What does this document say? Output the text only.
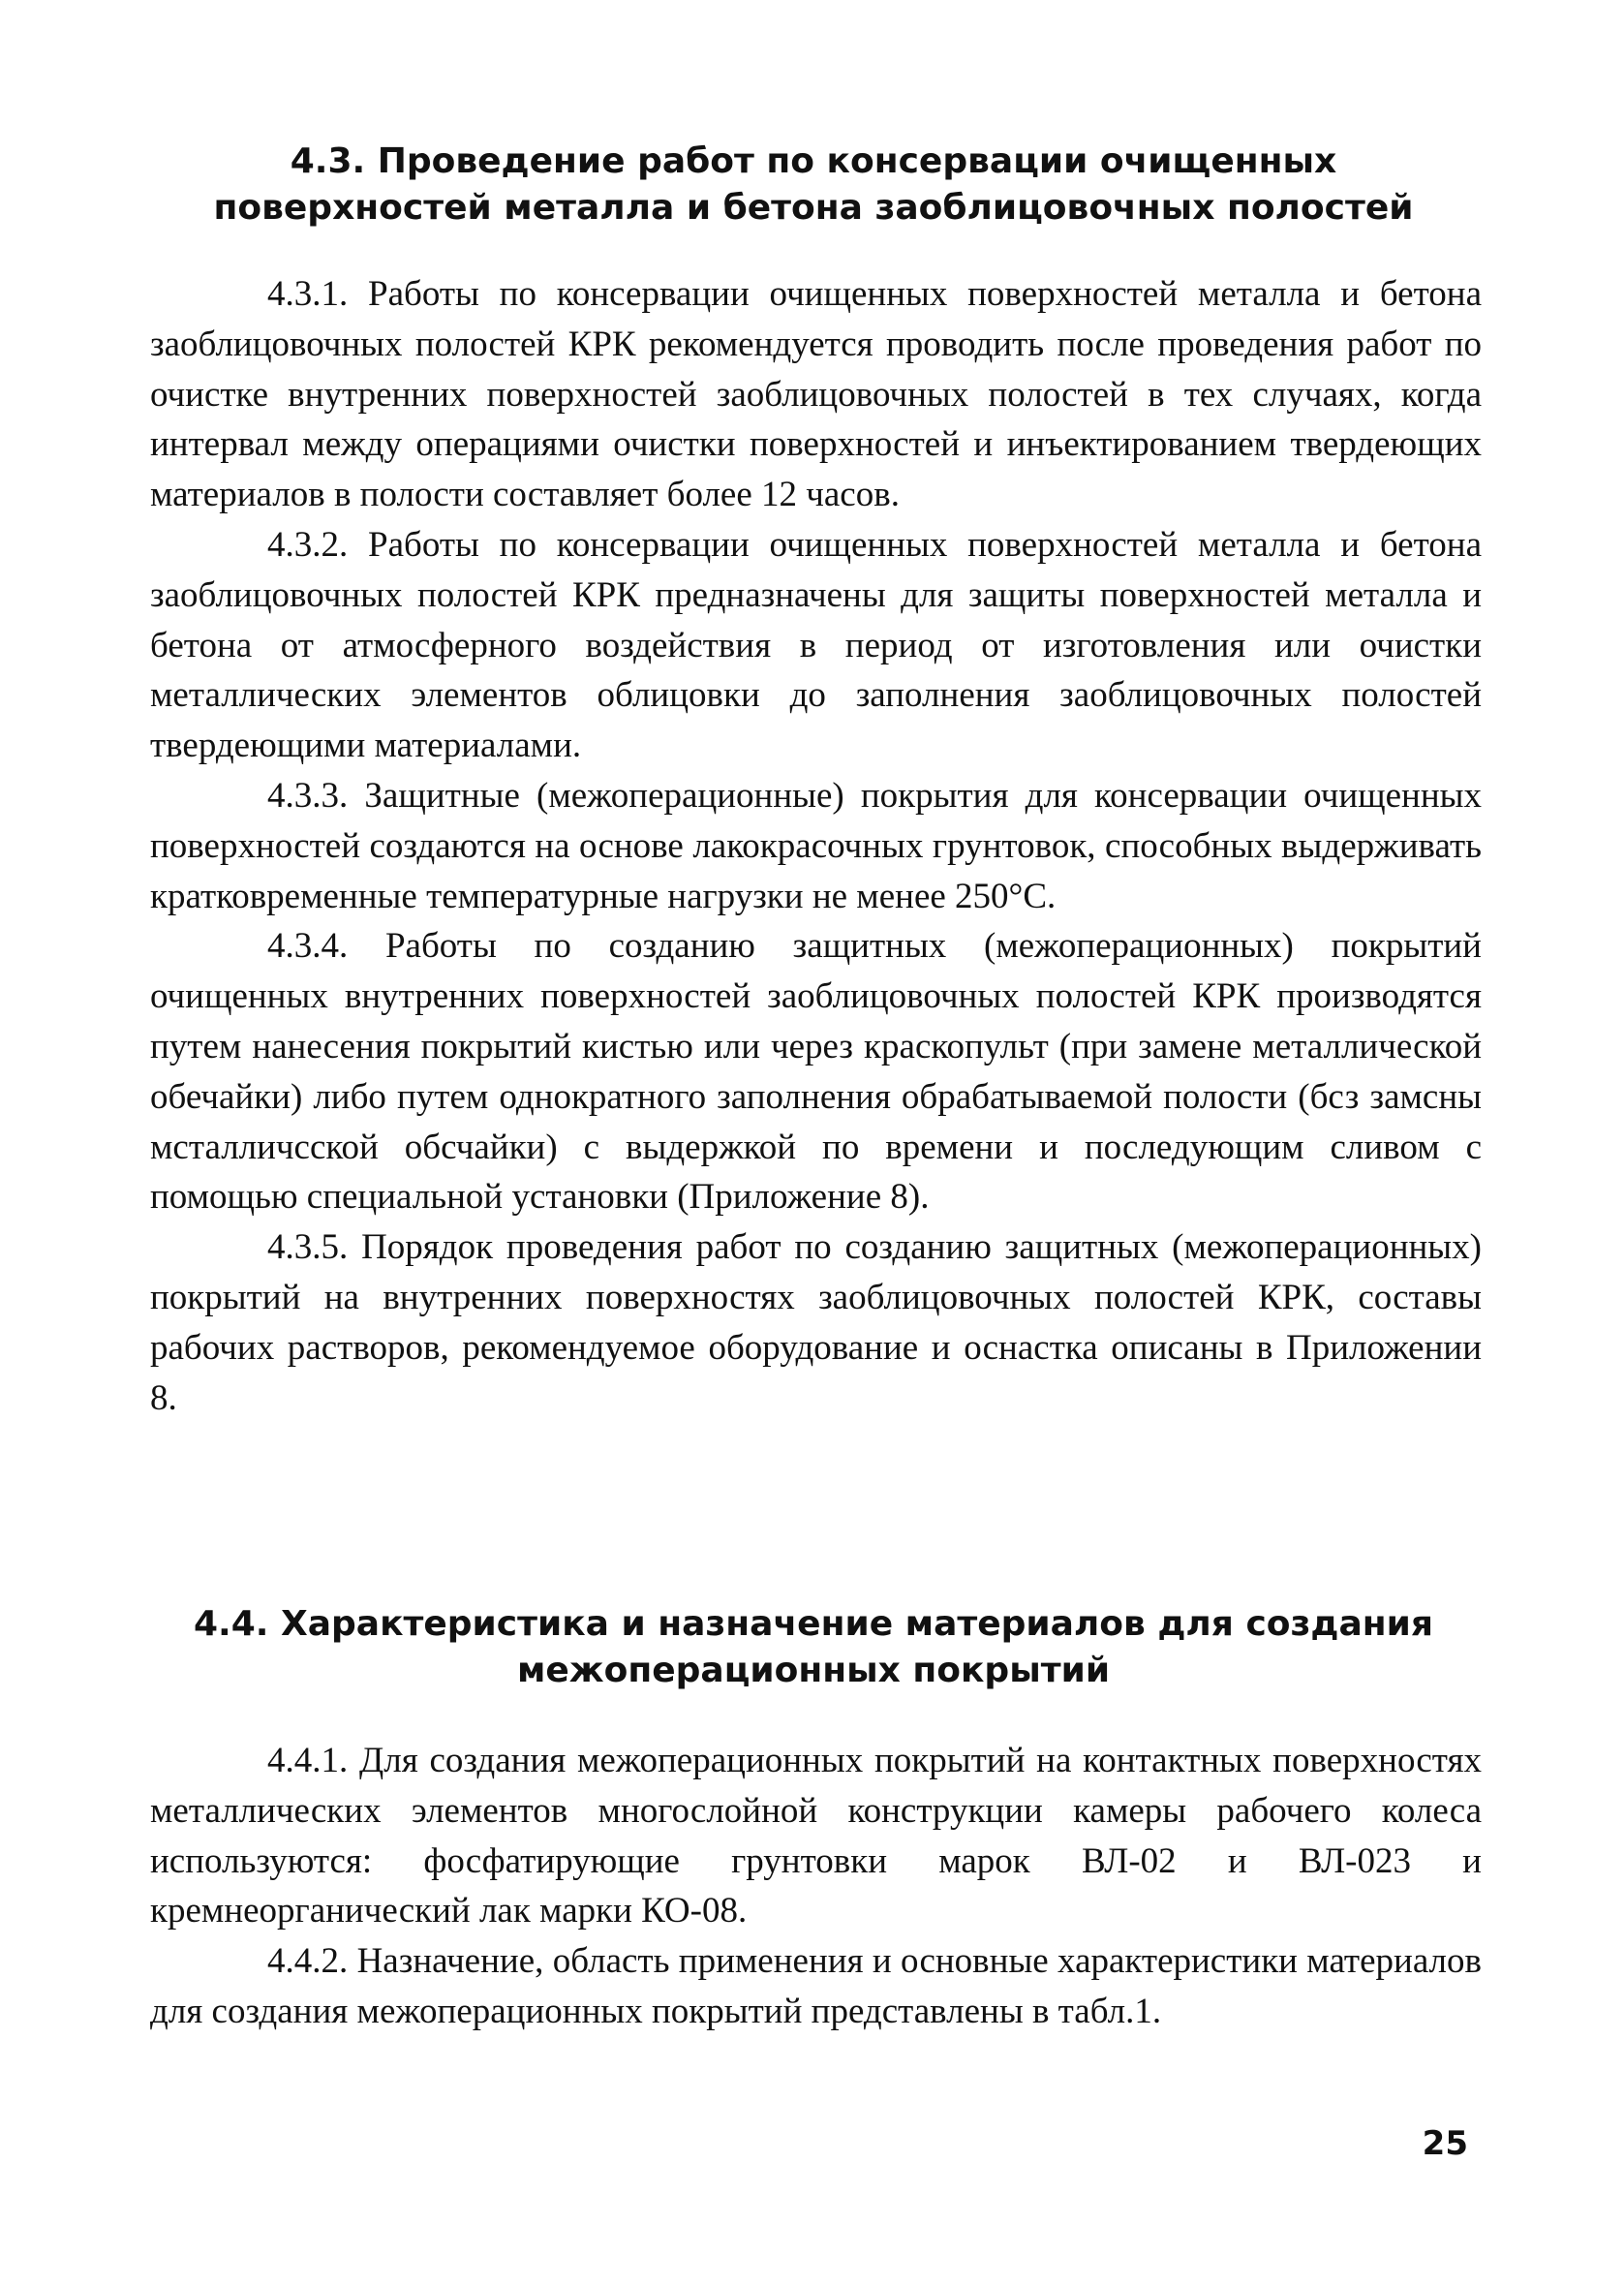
4.3. Проведение работ по консервации очищенных
поверхностей металла и бетона заоблицовочных полостей

4.3.1. Работы по консервации очищенных поверхностей металла и бетона заоблицовочных полостей КРК рекомендуется проводить после проведения работ по очистке внутренних поверхностей заоблицовочных полостей в тех случаях, когда интервал между операциями очистки поверхностей и инъектированием твердеющих материалов в полости составляет более 12 часов.

4.3.2. Работы по консервации очищенных поверхностей металла и бетона заоблицовочных полостей КРК предназначены для защиты поверхностей металла и бетона от атмосферного воздействия в период от изготовления или очистки металлических элементов облицовки до заполнения заоблицовочных полостей твердеющими материалами.

4.3.3. Защитные (межоперационные) покрытия для консервации очищенных поверхностей создаются на основе лакокрасочных грунтовок, способных выдерживать кратковременные температурные нагрузки не менее 250°С.

4.3.4. Работы по созданию защитных (межоперационных) покрытий очищенных внутренних поверхностей заоблицовочных полостей КРК производятся путем нанесения покрытий кистью или через краскопульт (при замене металлической обечайки) либо путем однократного заполнения обрабатываемой полости (бсз замсны мсталличсской обсчайки) с выдержкой по времени и последующим сливом с помощью специальной установки (Приложение 8).

4.3.5. Порядок проведения работ по созданию защитных (межоперационных) покрытий на внутренних поверхностях заоблицовочных полостей КРК, составы рабочих растворов, рекомендуемое оборудование и оснастка описаны в Приложении 8.

4.4. Характеристика и назначение материалов для создания
межоперационных покрытий

4.4.1. Для создания межоперационных покрытий на контактных поверхностях металлических элементов многослойной конструкции камеры рабочего колеса используются: фосфатирующие грунтовки марок ВЛ-02 и ВЛ-023 и кремнеорганический лак марки КО-08.

4.4.2. Назначение, область применения и основные характеристики материалов для создания межоперационных покрытий представлены в табл.1.

25
